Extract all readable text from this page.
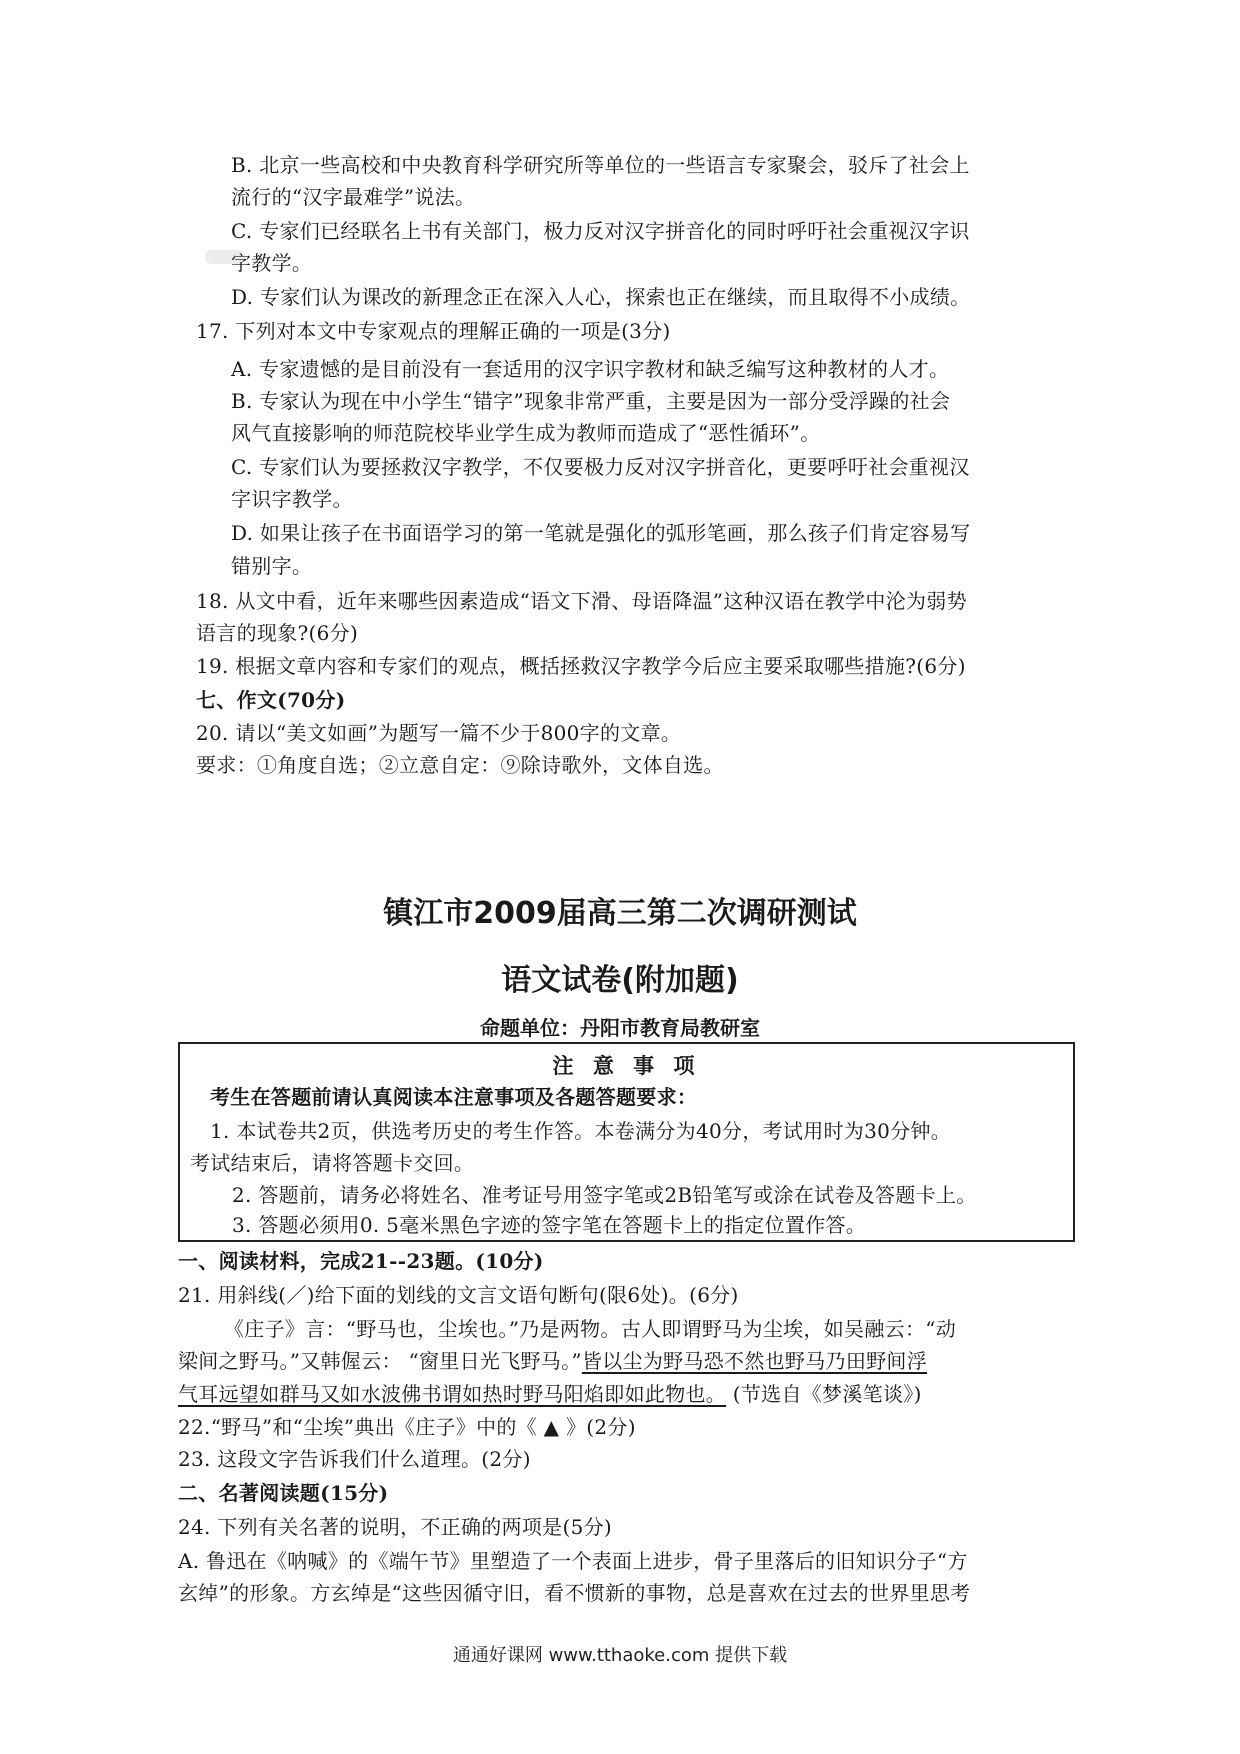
B. 北京一些高校和中央教育科学研究所等单位的一些语言专家聚会，驳斥了社会上
流行的“汉字最难学”说法。
C. 专家们已经联名上书有关部门，极力反对汉字拼音化的同时呼吁社会重视汉字识
字教学。
D. 专家们认为课改的新理念正在深入人心，探索也正在继续，而且取得不小成绩。
17. 下列对本文中专家观点的理解正确的一项是(3分)
A. 专家遗憾的是目前没有一套适用的汉字识字教材和缺乏编写这种教材的人才。
B. 专家认为现在中小学生“错字”现象非常严重，主要是因为一部分受浮躁的社会
风气直接影响的师范院校毕业学生成为教师而造成了“恶性循环”。
C. 专家们认为要拯救汉字教学，不仅要极力反对汉字拼音化，更要呼吁社会重视汉
字识字教学。
D. 如果让孩子在书面语学习的第一笔就是强化的弧形笔画，那么孩子们肯定容易写
错别字。
18. 从文中看，近年来哪些因素造成“语文下滑、母语降温”这种汉语在教学中沦为弱势
语言的现象?(6分)
19. 根据文章内容和专家们的观点，概括拯救汉字教学今后应主要采取哪些措施?(6分)
七、作文(70分)
20. 请以“美文如画”为题写一篇不少于800字的文章。
要求：①角度自选；②立意自定：⑨除诗歌外，文体自选。
镇江市2009届高三第二次调研测试
语文试卷(附加题)
命题单位：丹阳市教育局教研室
注 意 事 项
考生在答题前请认真阅读本注意事项及各题答题要求：
1. 本试卷共2页，供选考历史的考生作答。本卷满分为40分，考试用时为30分钟。
考试结束后，请将答题卡交回。
2. 答题前，请务必将姓名、准考证号用签字笔或2B铅笔写或涂在试卷及答题卡上。
3. 答题必须用0. 5毫米黑色字迹的签字笔在答题卡上的指定位置作答。
一、阅读材料，完成21--23题。(10分)
21. 用斜线(／)给下面的划线的文言文语句断句(限6处)。(6分)
《庄子》言：“野马也，尘埃也。”乃是两物。古人即谓野马为尘埃，如吴融云：“动
梁间之野马。”又韩偓云： “窗里日光飞野马。”皆以尘为野马恐不然也野马乃田野间浮
气耳远望如群马又如水波佛书谓如热时野马阳焰即如此物也。 (节选自《梦溪笔谈》)
22.“野马”和“尘埃”典出《庄子》中的《 ▲ 》(2分)
23. 这段文字告诉我们什么道理。(2分)
二、名著阅读题(15分)
24. 下列有关名著的说明，不正确的两项是(5分)
A. 鲁迅在《呐喊》的《端午节》里塑造了一个表面上进步，骨子里落后的旧知识分子“方
玄绰”的形象。方玄绰是“这些因循守旧，看不惯新的事物，总是喜欢在过去的世界里思考
通通好课网 www.tthaoke.com 提供下载
